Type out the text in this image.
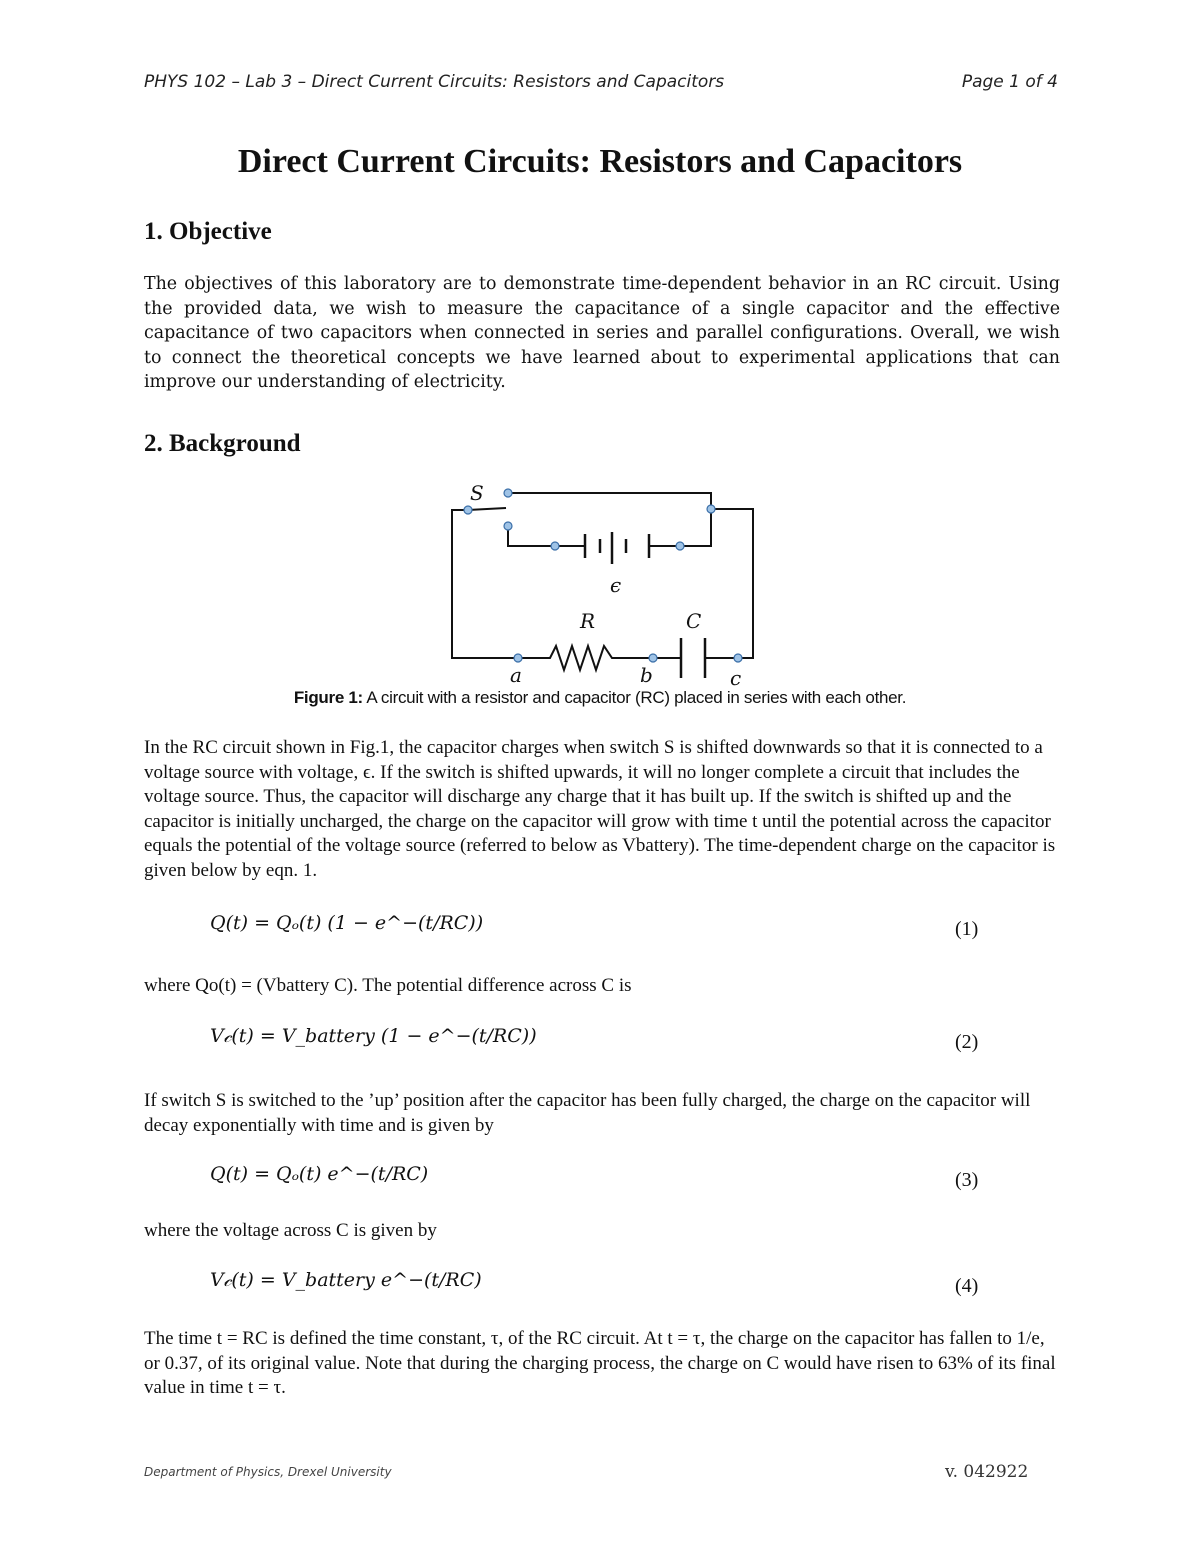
PHYS 102 – Lab 3 – Direct Current Circuits: Resistors and Capacitors	Page 1 of 4
Direct Current Circuits: Resistors and Capacitors
1. Objective

The objectives of this laboratory are to demonstrate time-dependent behavior in an RC circuit. Using the provided data, we wish to measure the capacitance of a single capacitor and the effective capacitance of two capacitors when connected in series and parallel configurations. Overall, we wish to connect the theoretical concepts we have learned about to experimental applications that can improve our understanding of electricity.

2. Background
S
ϵ
R	C
a	b	c
Figure 1: A circuit with a resistor and capacitor (RC) placed in series with each other.

In the RC circuit shown in Fig.1, the capacitor charges when switch S is shifted downwards so that it is connected to a voltage source with voltage, ϵ. If the switch is shifted upwards, it will no longer complete a circuit that includes the voltage source. Thus, the capacitor will discharge any charge that it has built up. If the switch is shifted up and the capacitor is initially uncharged, the charge on the capacitor will grow with time t until the potential across the capacitor equals the potential of the voltage source (referred to below as Vbattery). The time-dependent charge on the capacitor is given below by eqn. 1.

Q(t) = Qₒ(t) (1 − e^−(t/RC))	(1)

where Qo(t) = (Vbattery C). The potential difference across C is

V𝒸(t) = V_battery (1 − e^−(t/RC))	(2)

If switch S is switched to the ’up’ position after the capacitor has been fully charged, the charge on the capacitor will decay exponentially with time and is given by

Q(t) = Qₒ(t) e^−(t/RC)	(3)

where the voltage across C is given by

V𝒸(t) = V_battery e^−(t/RC)	(4)

The time t = RC is defined the time constant, τ, of the RC circuit. At t = τ, the charge on the capacitor has fallen to 1/e, or 0.37, of its original value. Note that during the charging process, the charge on C would have risen to 63% of its final value in time t = τ.

Department of Physics, Drexel University	v. 042922
